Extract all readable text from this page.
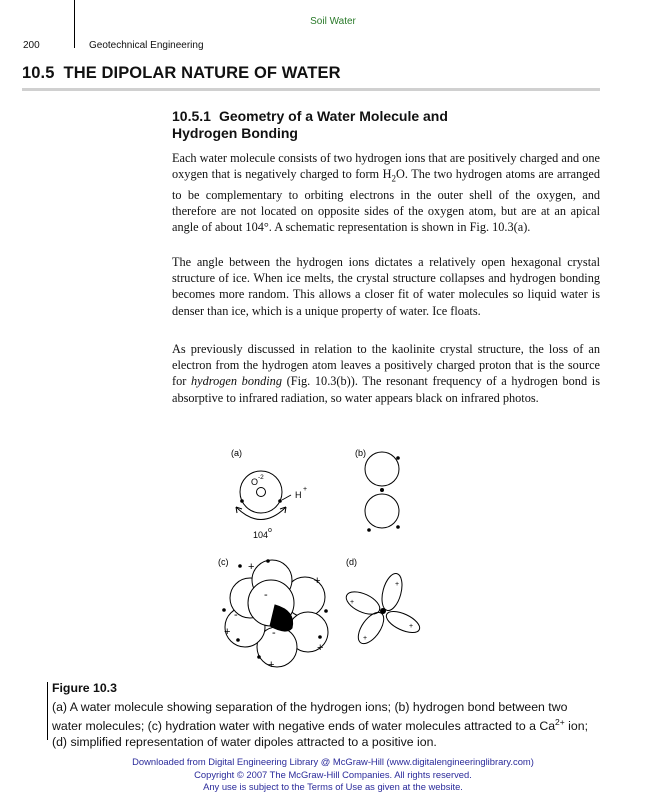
Soil Water
200	Geotechnical Engineering
10.5 THE DIPOLAR NATURE OF WATER
10.5.1 Geometry of a Water Molecule and
Hydrogen Bonding

Each water molecule consists of two hydrogen ions that are positively charged and one oxygen that is negatively charged to form $H_2O$. The two hydrogen atoms are arranged to be complementary to orbiting electrons in the outer shell of the oxygen, and therefore are not located on opposite sides of the oxygen atom, but are at an apical angle of about 104°. A schematic representation is shown in Fig. 10.3(a).

The angle between the hydrogen ions dictates a relatively open hexagonal crystal structure of ice. When ice melts, the crystal structure collapses and hydrogen bonding becomes more random. This allows a closer fit of water molecules so liquid water is denser than ice, which is a unique property of water. Ice floats.

As previously discussed in relation to the kaolinite crystal structure, the loss of an electron from the hydrogen atom leaves a positively charged proton that is the source for hydrogen bonding (Fig. 10.3(b)). The resonant frequency of a hydrogen bond is absorptive to infrared radiation, so water appears black on infrared photos.

(a)
O -2
H
+
104 o
(b)
(c)
-
-
-
+
+
+
+
+
(d)
+
+
+
+
Figure 10.3

(a) A water molecule showing separation of the hydrogen ions; (b) hydrogen bond between two water molecules; (c) hydration water with negative ends of water molecules attracted to a $Ca^{2+}$ ion; (d) simplified representation of water dipoles attracted to a positive ion.

Downloaded from Digital Engineering Library @ McGraw-Hill (www.digitalengineeringlibrary.com)
Copyright © 2007 The McGraw-Hill Companies. All rights reserved.
Any use is subject to the Terms of Use as given at the website.
